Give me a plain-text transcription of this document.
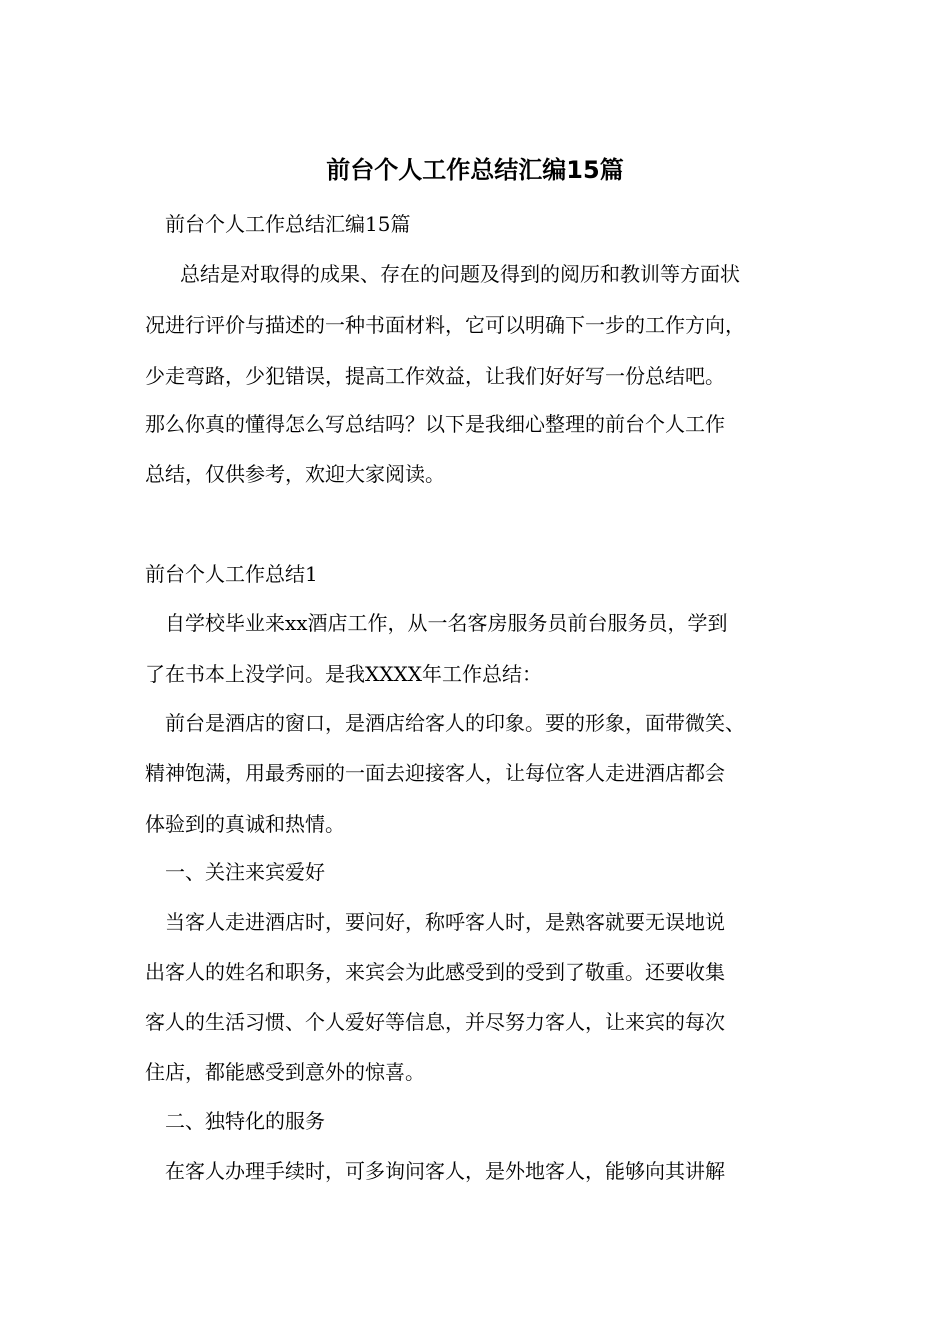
前台个人工作总结汇编15篇
前台个人工作总结汇编15篇
总结是对取得的成果、存在的问题及得到的阅历和教训等方面状
况进行评价与描述的一种书面材料，它可以明确下一步的工作方向，
少走弯路，少犯错误，提高工作效益，让我们好好写一份总结吧。
那么你真的懂得怎么写总结吗？以下是我细心整理的前台个人工作
总结，仅供参考，欢迎大家阅读。
前台个人工作总结1
自学校毕业来xx酒店工作，从一名客房服务员前台服务员，学到
了在书本上没学问。是我XXXX年工作总结：
前台是酒店的窗口，是酒店给客人的印象。要的形象，面带微笑、
精神饱满，用最秀丽的一面去迎接客人，让每位客人走进酒店都会
体验到的真诚和热情。
一、关注来宾爱好
当客人走进酒店时，要问好，称呼客人时，是熟客就要无误地说
出客人的姓名和职务，来宾会为此感受到的受到了敬重。还要收集
客人的生活习惯、个人爱好等信息，并尽努力客人，让来宾的每次
住店，都能感受到意外的惊喜。
二、独特化的服务
在客人办理手续时，可多询问客人，是外地客人，能够向其讲解
